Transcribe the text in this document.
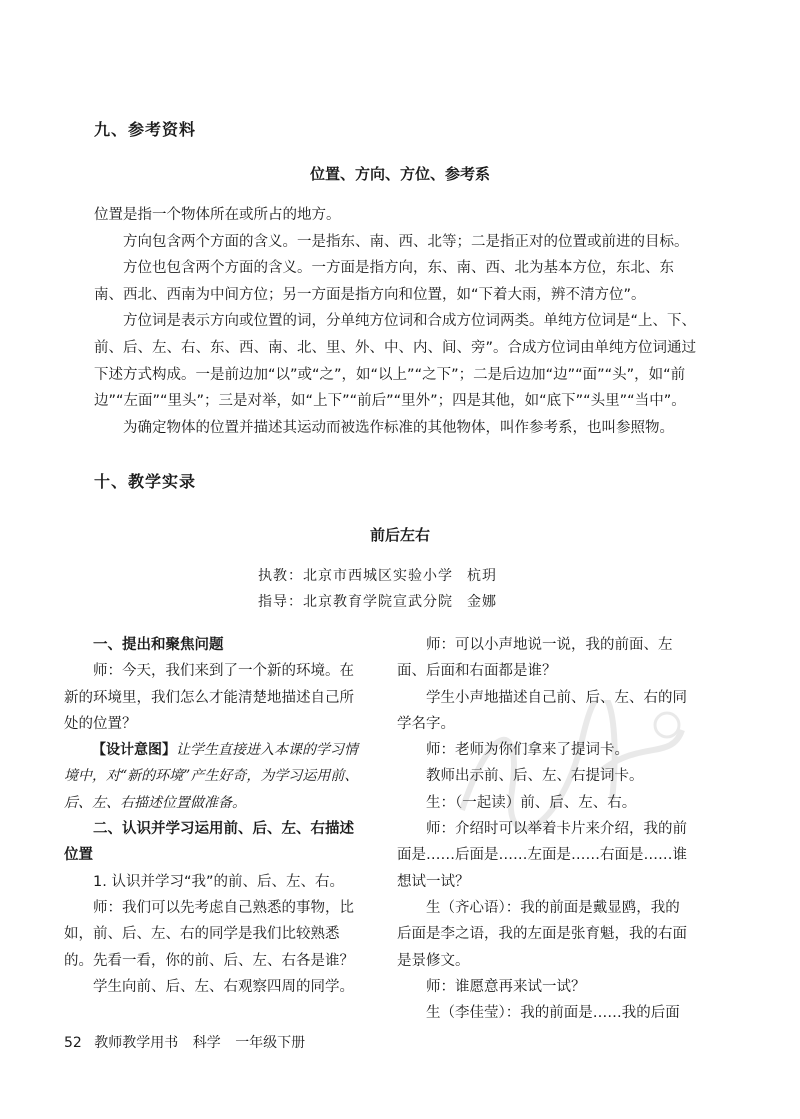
九、参考资料
位置、方向、方位、参考系

位置是指一个物体所在或所占的地方。

方向包含两个方面的含义。一是指东、南、西、北等；二是指正对的位置或前进的目标。

方位也包含两个方面的含义。一方面是指方向，东、南、西、北为基本方位，东北、东南、西北、西南为中间方位；另一方面是指方向和位置，如“下着大雨，辨不清方位”。

方位词是表示方向或位置的词，分单纯方位词和合成方位词两类。单纯方位词是“上、下、前、后、左、右、东、西、南、北、里、外、中、内、间、旁”。合成方位词由单纯方位词通过下述方式构成。一是前边加“以”或“之”，如“以上”“之下”；二是后边加“边”“面”“头”，如“前边”“左面”“里头”；三是对举，如“上下”“前后”“里外”；四是其他，如“底下”“头里”“当中”。

为确定物体的位置并描述其运动而被选作标准的其他物体，叫作参考系，也叫参照物。

十、教学实录
前后左右
执教：北京市西城区实验小学 杭玥
指导：北京教育学院宣武分院 金娜

一、提出和聚焦问题

师：今天，我们来到了一个新的环境。在新的环境里，我们怎么才能清楚地描述自己所处的位置？

【设计意图】让学生直接进入本课的学习情境中，对“新的环境”产生好奇，为学习运用前、后、左、右描述位置做准备。

二、认识并学习运用前、后、左、右描述位置

1. 认识并学习“我”的前、后、左、右。

师：我们可以先考虑自己熟悉的事物，比如，前、后、左、右的同学是我们比较熟悉的。先看一看，你的前、后、左、右各是谁？

学生向前、后、左、右观察四周的同学。

师：可以小声地说一说，我的前面、左面、后面和右面都是谁？

学生小声地描述自己前、后、左、右的同学名字。

师：老师为你们拿来了提词卡。

教师出示前、后、左、右提词卡。

生：（一起读）前、后、左、右。

师：介绍时可以举着卡片来介绍，我的前面是……后面是……左面是……右面是……谁想试一试？

生（齐心语）：我的前面是戴显鸥，我的后面是李之语，我的左面是张育魁，我的右面是景修文。

师：谁愿意再来试一试？

生（李佳莹）：我的前面是……我的后面

52 教师教学用书 科学 一年级下册
